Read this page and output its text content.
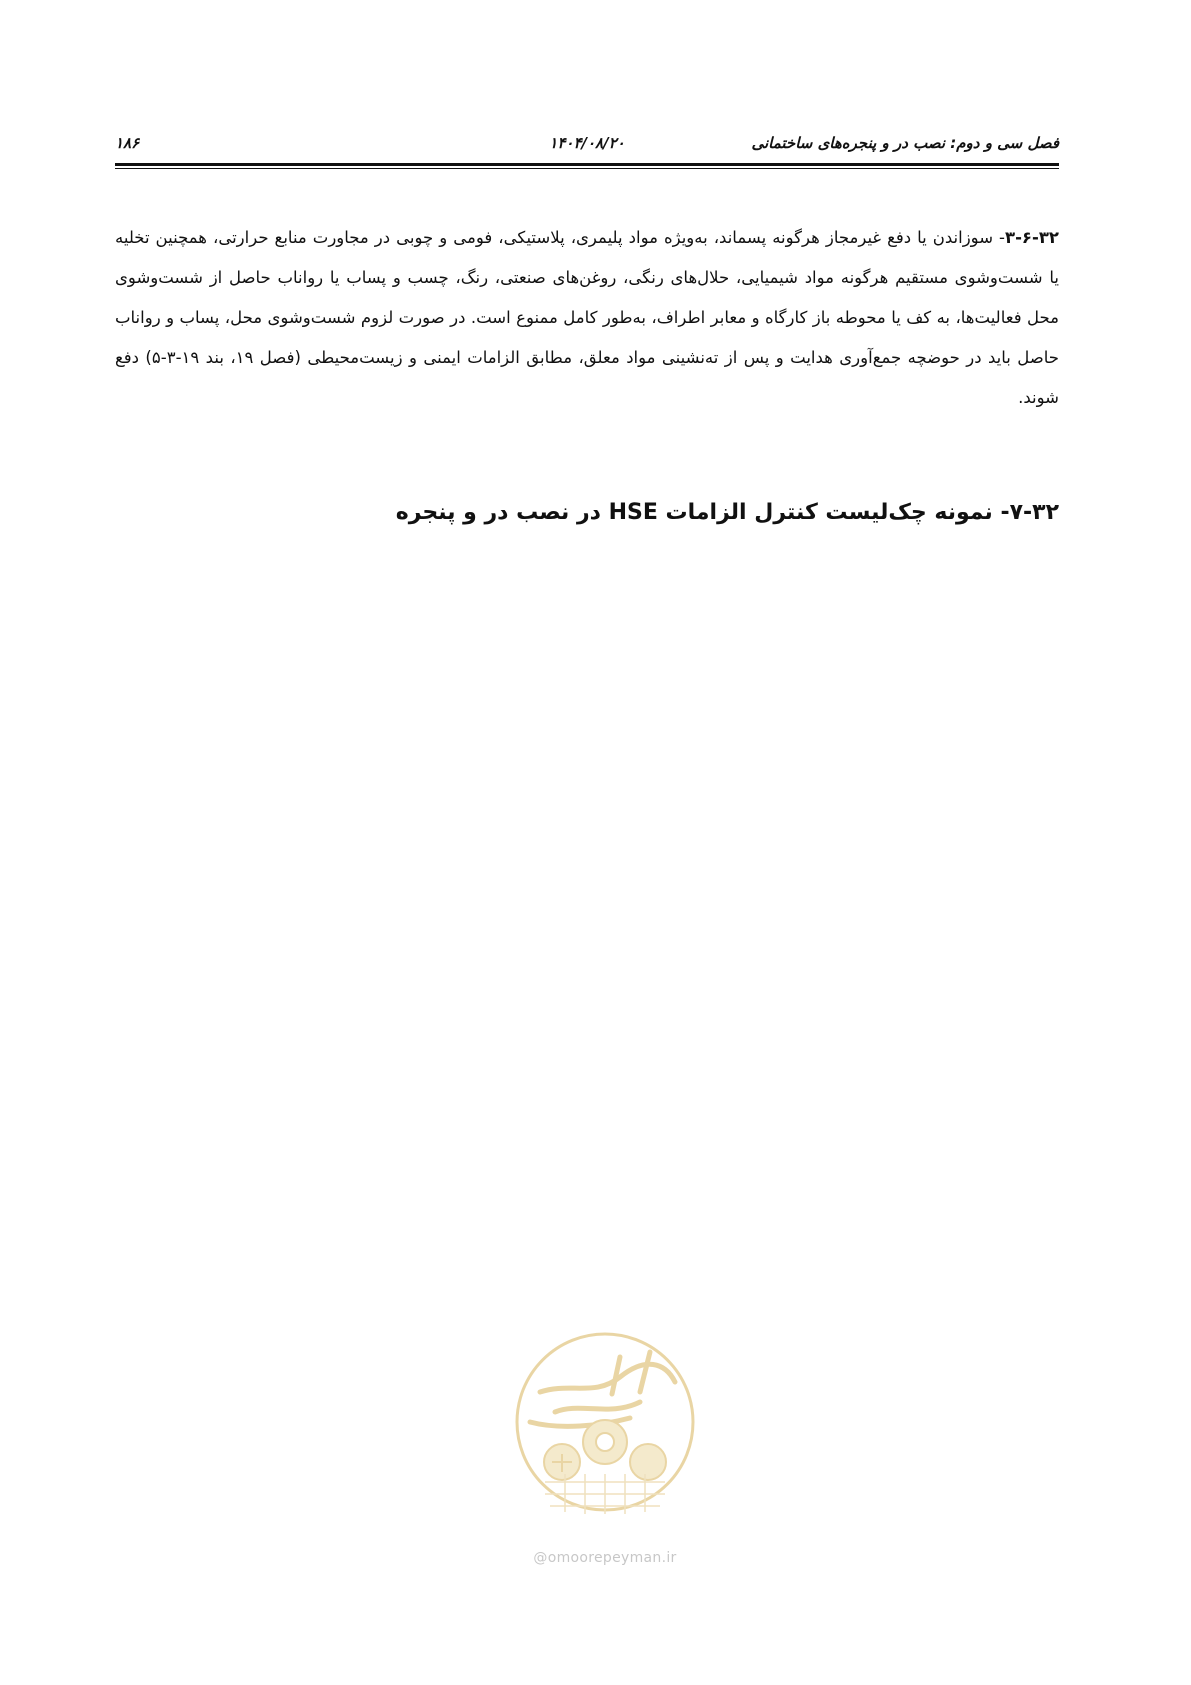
فصل سی و دوم: نصب در و پنجره‌های ساختمانی
۱۴۰۴/۰۸/۲۰
۱۸۶

۳-۶-۳۲- سوزاندن یا دفع غیرمجاز هرگونه پسماند، به‌ویژه مواد پلیمری، پلاستیکی، فومی و چوبی در مجاورت منابع حرارتی، همچنین تخلیه یا شست‌وشوی مستقیم هرگونه مواد شیمیایی، حلال‌های رنگی، روغن‌های صنعتی، رنگ، چسب و پساب یا رواناب حاصل از شست‌وشوی محل فعالیت‌ها، به کف یا محوطه باز کارگاه و معابر اطراف، به‌طور کامل ممنوع است. در صورت لزوم شست‌وشوی محل، پساب و رواناب حاصل باید در حوضچه جمع‌آوری هدایت و پس از ته‌نشینی مواد معلق، مطابق الزامات ایمنی و زیست‌محیطی (فصل ۱۹، بند ۱۹-۳-۵) دفع شوند.

۷-۳۲- نمونه چک‌لیست کنترل الزامات HSE در نصب در و پنجره
@omoorepeyman.ir
